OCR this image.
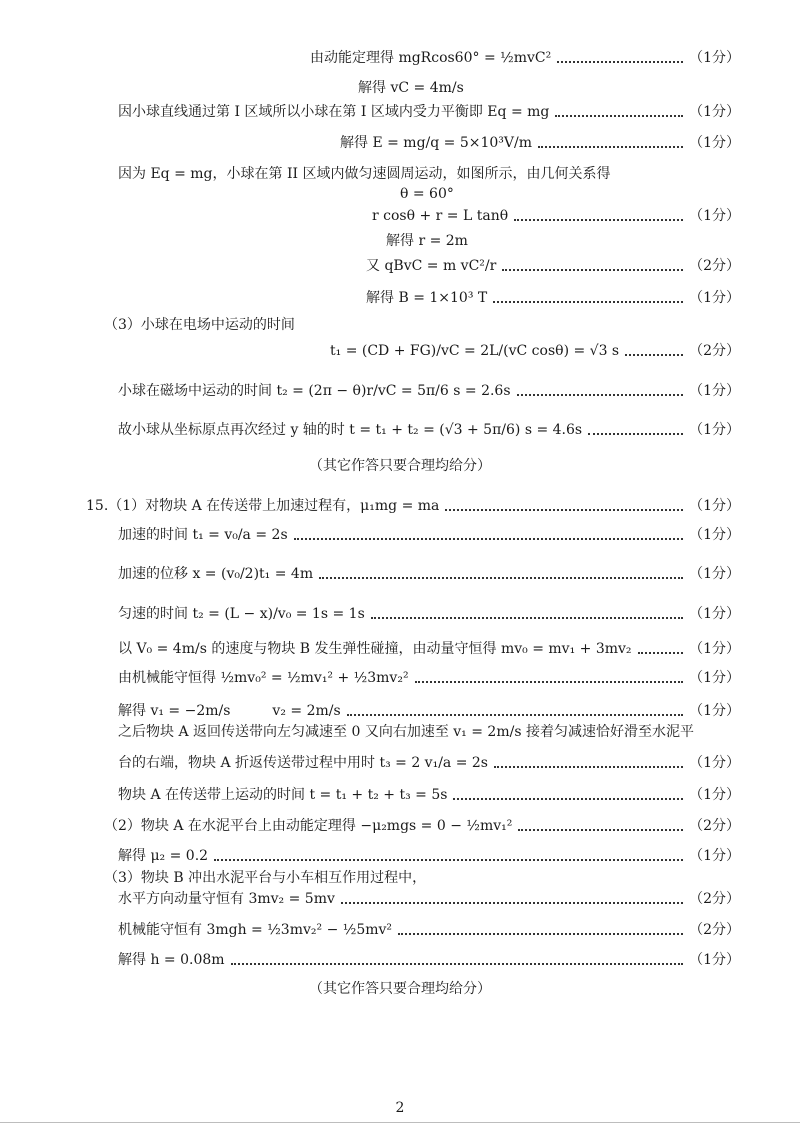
由动能定理得 mgRcos60° = ½mvC²	（1分）
解得 vC = 4m/s
因小球直线通过第 I 区域所以小球在第 I 区域内受力平衡即 Eq = mg	（1分）
解得 E = mg/q = 5×10³V/m	（1分）
因为 Eq = mg，小球在第 II 区域内做匀速圆周运动，如图所示，由几何关系得
θ = 60°
r cosθ + r = L tanθ	（1分）
解得 r = 2m
又 qBvC = m vC²/r	（2分）
解得 B = 1×10³ T	（1分）
（3）小球在电场中运动的时间
t₁ = (CD + FG)/vC = 2L/(vC cosθ) = √3 s	（2分）
小球在磁场中运动的时间 t₂ = (2π − θ)r/vC = 5π/6 s = 2.6s	（1分）
故小球从坐标原点再次经过 y 轴的时 t = t₁ + t₂ = (√3 + 5π/6) s = 4.6s	（1分）
（其它作答只要合理均给分）
15.（1）对物块 A 在传送带上加速过程有，μ₁mg = ma	（1分）
加速的时间 t₁ = v₀/a = 2s	（1分）
加速的位移 x = (v₀/2)t₁ = 4m	（1分）
匀速的时间 t₂ = (L − x)/v₀ = 1s = 1s	（1分）
以 V₀ = 4m/s 的速度与物块 B 发生弹性碰撞，由动量守恒得 mv₀ = mv₁ + 3mv₂	（1分）
由机械能守恒得 ½mv₀² = ½mv₁² + ½3mv₂²	（1分）
解得 v₁ = −2m/s　　　v₂ = 2m/s	（1分）
之后物块 A 返回传送带向左匀减速至 0 又向右加速至 v₁ = 2m/s 接着匀减速恰好滑至水泥平
台的右端，物块 A 折返传送带过程中用时 t₃ = 2 v₁/a = 2s	（1分）
物块 A 在传送带上运动的时间 t = t₁ + t₂ + t₃ = 5s	（1分）
（2）物块 A 在水泥平台上由动能定理得 −μ₂mgs = 0 − ½mv₁²	（2分）
解得 μ₂ = 0.2	（1分）
（3）物块 B 冲出水泥平台与小车相互作用过程中，
水平方向动量守恒有 3mv₂ = 5mv	（2分）
机械能守恒有 3mgh = ½3mv₂² − ½5mv²	（2分）
解得 h = 0.08m	（1分）
（其它作答只要合理均给分）
2
